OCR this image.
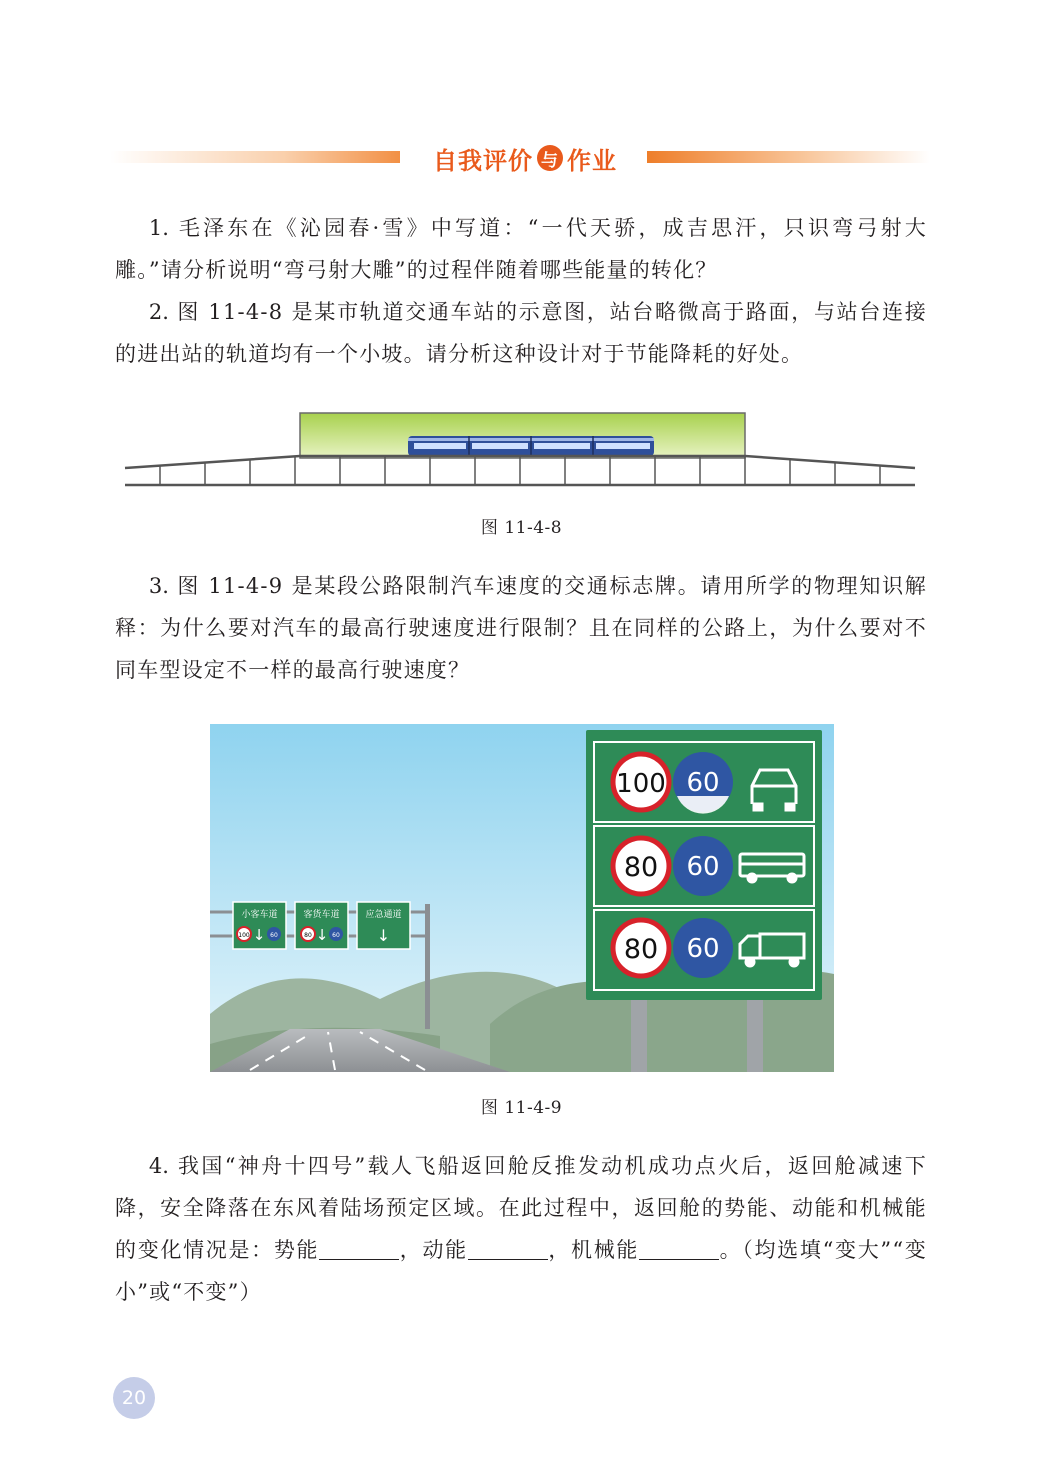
自我评价 与 作业

  1. 毛泽东在《沁园春·雪》中写道：“一代天骄，成吉思汗，只识弯弓射大雕。”请分析说明“弯弓射大雕”的过程伴随着哪些能量的转化？

  2. 图 11-4-8 是某市轨道交通车站的示意图，站台略微高于路面，与站台连接的进出站的轨道均有一个小坡。请分析这种设计对于节能降耗的好处。

图 11-4-8

  3. 图 11-4-9 是某段公路限制汽车速度的交通标志牌。请用所学的物理知识解释：为什么要对汽车的最高行驶速度进行限制？且在同样的公路上，为什么要对不同车型设定不一样的最高行驶速度？

小客车道
100 ↓ 60
客货车道
80 ↓ 60
应急通道
↓
100 60
80 60
80 60
图 11-4-9

  4. 我国“神舟十四号”载人飞船返回舱反推发动机成功点火后，返回舱减速下降，安全降落在东风着陆场预定区域。在此过程中，返回舱的势能、动能和机械能的变化情况是：势能	，动能	，机械能	。（均选填“变大”“变小”或“不变”）

20
